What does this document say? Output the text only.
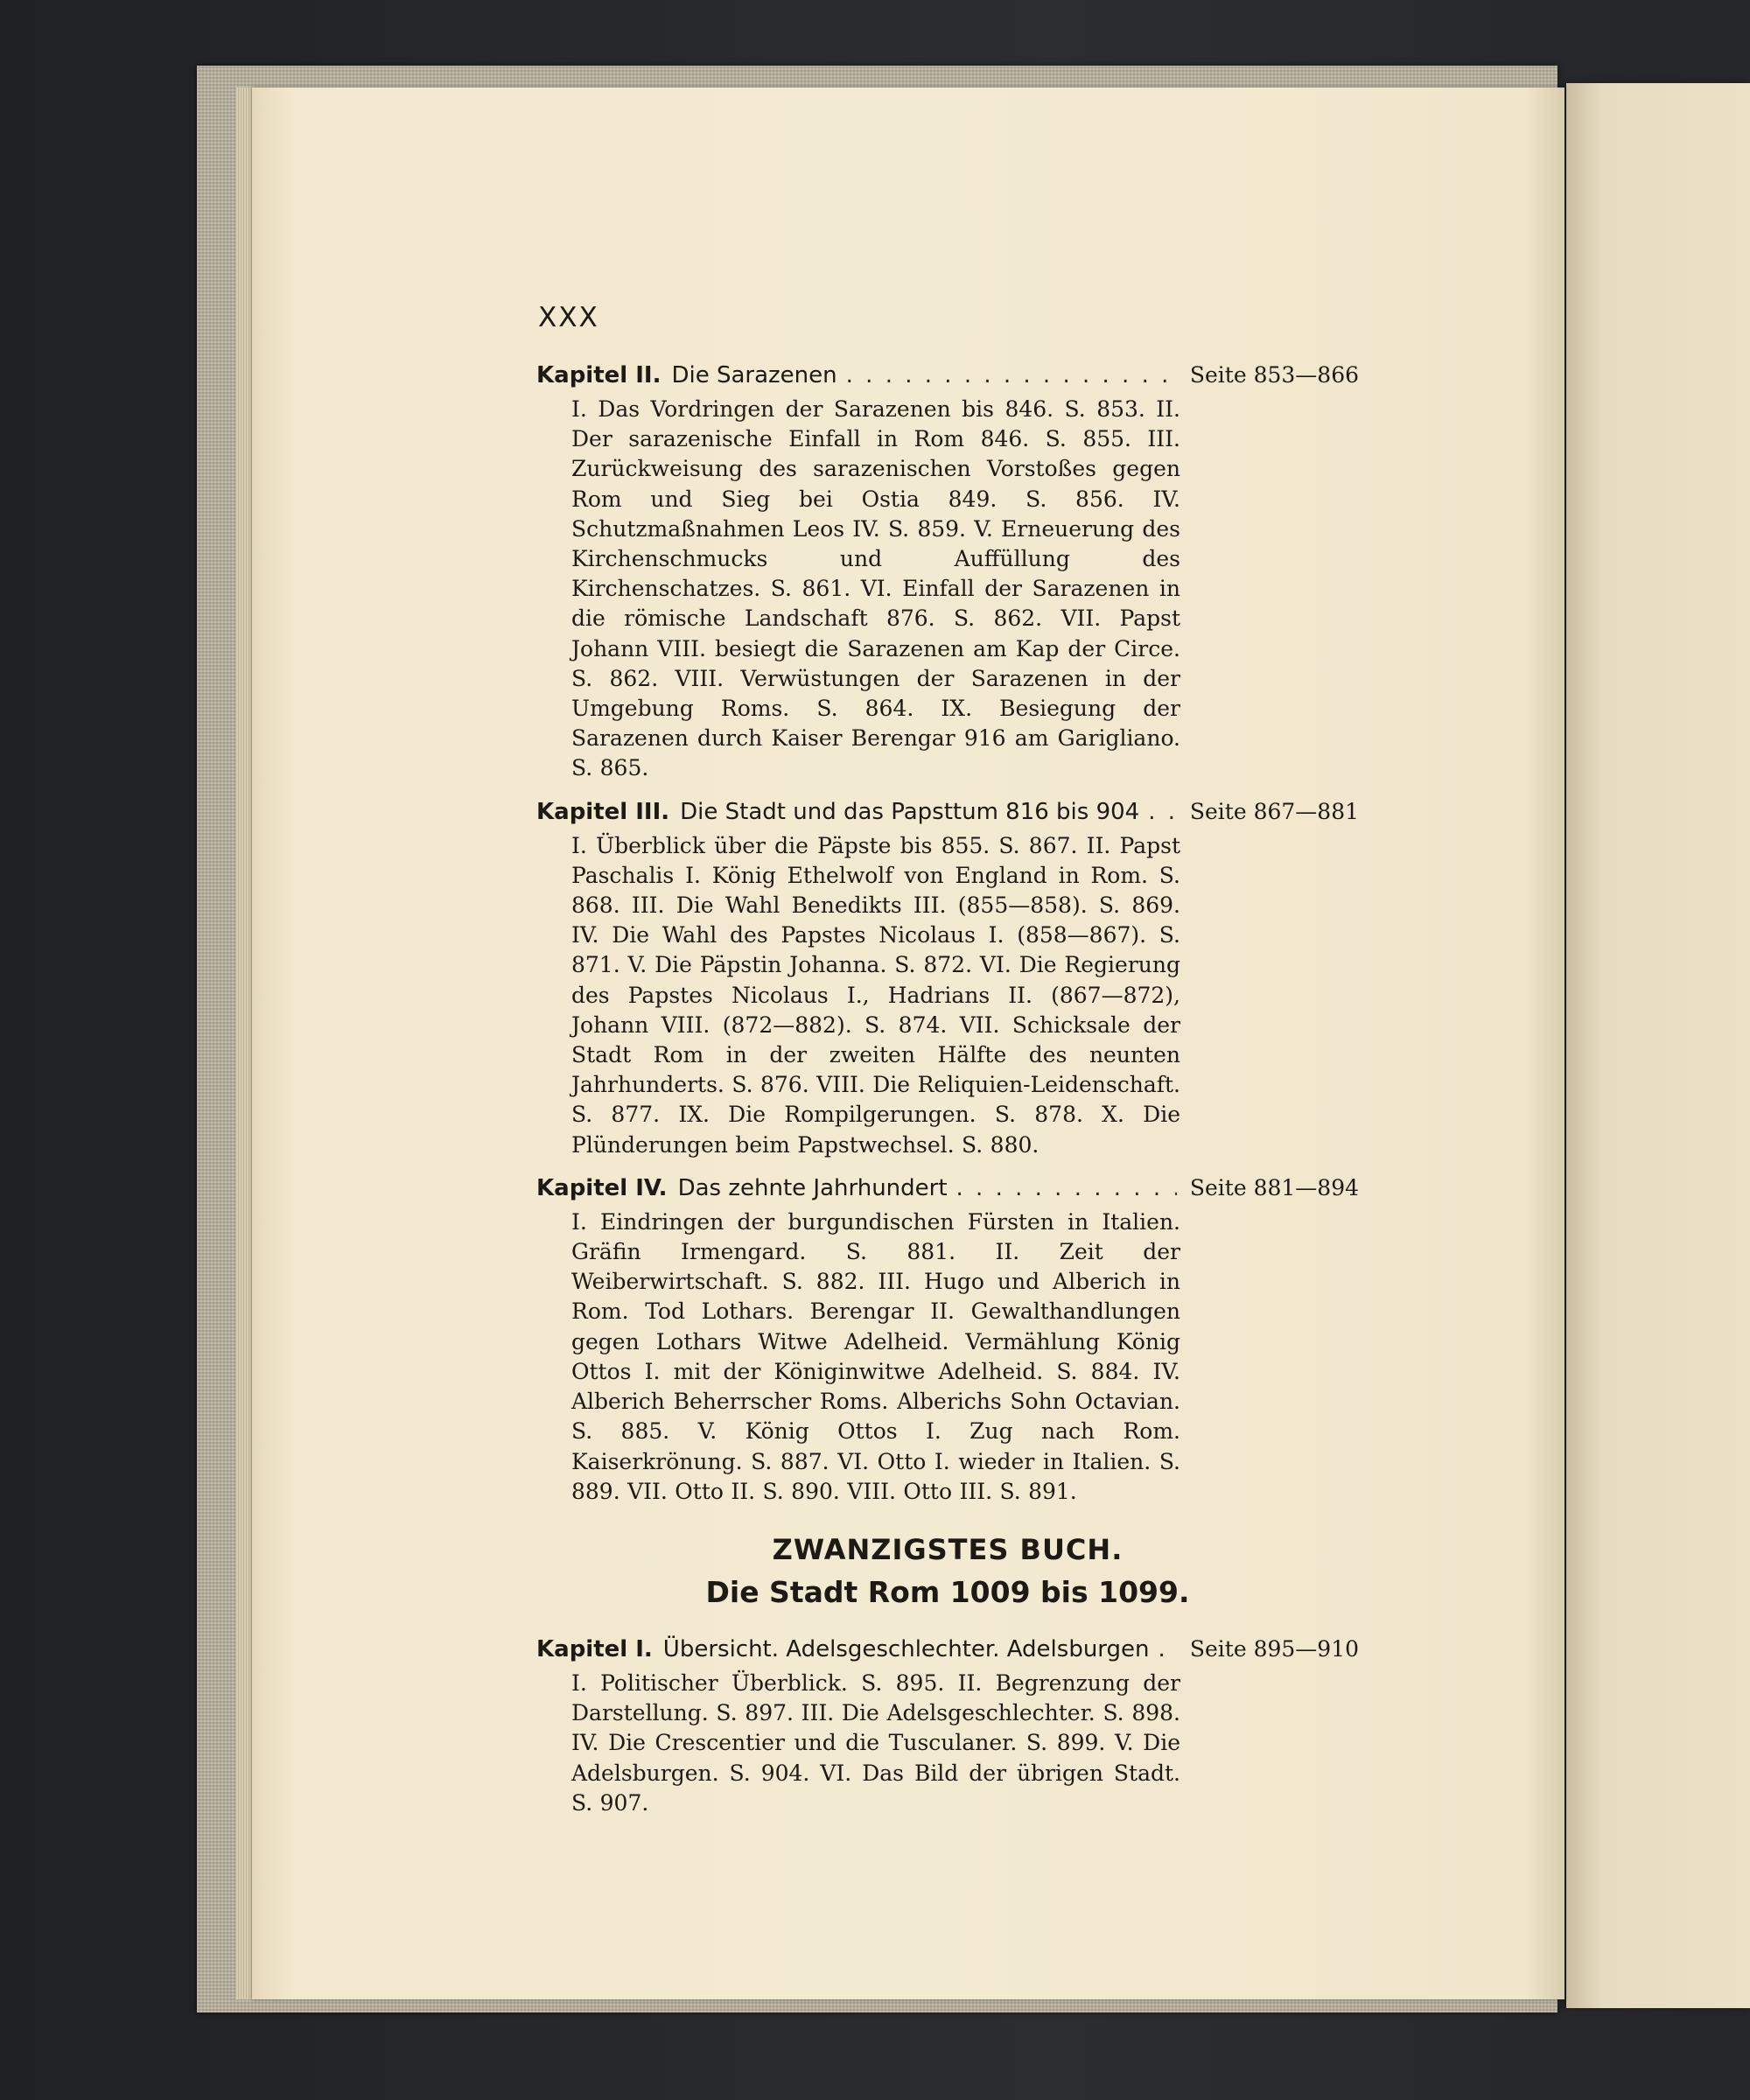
XXX
Kapitel II. Die Sarazenen . . .	Seite 853—866
I. Das Vordringen der Sarazenen bis 846. S. 853. II. Der sarazenische Einfall in Rom 846. S. 855. III. Zurückweisung des sarazenischen Vorstoßes gegen Rom und Sieg bei Ostia 849. S. 856. IV. Schutzmaßnahmen Leos IV. S. 859. V. Erneuerung des Kirchenschmucks und Auffüllung des Kirchenschatzes. S. 861. VI. Einfall der Sarazenen in die römische Landschaft 876. S. 862. VII. Papst Johann VIII. besiegt die Sarazenen am Kap der Circe. S. 862. VIII. Verwüstungen der Sarazenen in der Umgebung Roms. S. 864. IX. Besiegung der Sarazenen durch Kaiser Berengar 916 am Garigliano. S. 865.
Kapitel III. Die Stadt und das Papsttum 816 bis 904 . . . Seite 867—881
I. Überblick über die Päpste bis 855. S. 867. II. Papst Paschalis I. König Ethelwolf von England in Rom. S. 868. III. Die Wahl Benedikts III. (855—858). S. 869. IV. Die Wahl des Papstes Nicolaus I. (858—867). S. 871. V. Die Päpstin Johanna. S. 872. VI. Die Regierung des Papstes Nicolaus I., Hadrians II. (867—872), Johann VIII. (872—882). S. 874. VII. Schicksale der Stadt Rom in der zweiten Hälfte des neunten Jahrhunderts. S. 876. VIII. Die Reliquien-Leidenschaft. S. 877. IX. Die Rompilgerungen. S. 878. X. Die Plünderungen beim Papstwechsel. S. 880.
Kapitel IV. Das zehnte Jahrhundert . . .	Seite 881—894
I. Eindringen der burgundischen Fürsten in Italien. Gräfin Irmengard. S. 881. II. Zeit der Weiberwirtschaft. S. 882. III. Hugo und Alberich in Rom. Tod Lothars. Berengar II. Gewalthandlungen gegen Lothars Witwe Adelheid. Vermählung König Ottos I. mit der Königinwitwe Adelheid. S. 884. IV. Alberich Beherrscher Roms. Alberichs Sohn Octavian. S. 885. V. König Ottos I. Zug nach Rom. Kaiserkrönung. S. 887. VI. Otto I. wieder in Italien. S. 889. VII. Otto II. S. 890. VIII. Otto III. S. 891.
ZWANZIGSTES BUCH.
Die Stadt Rom 1009 bis 1099.
Kapitel I. Übersicht. Adelsgeschlechter. Adelsburgen . . . Seite 895—910
I. Politischer Überblick. S. 895. II. Begrenzung der Darstellung. S. 897. III. Die Adelsgeschlechter. S. 898. IV. Die Crescentier und die Tusculaner. S. 899. V. Die Adelsburgen. S. 904. VI. Das Bild der übrigen Stadt. S. 907.
